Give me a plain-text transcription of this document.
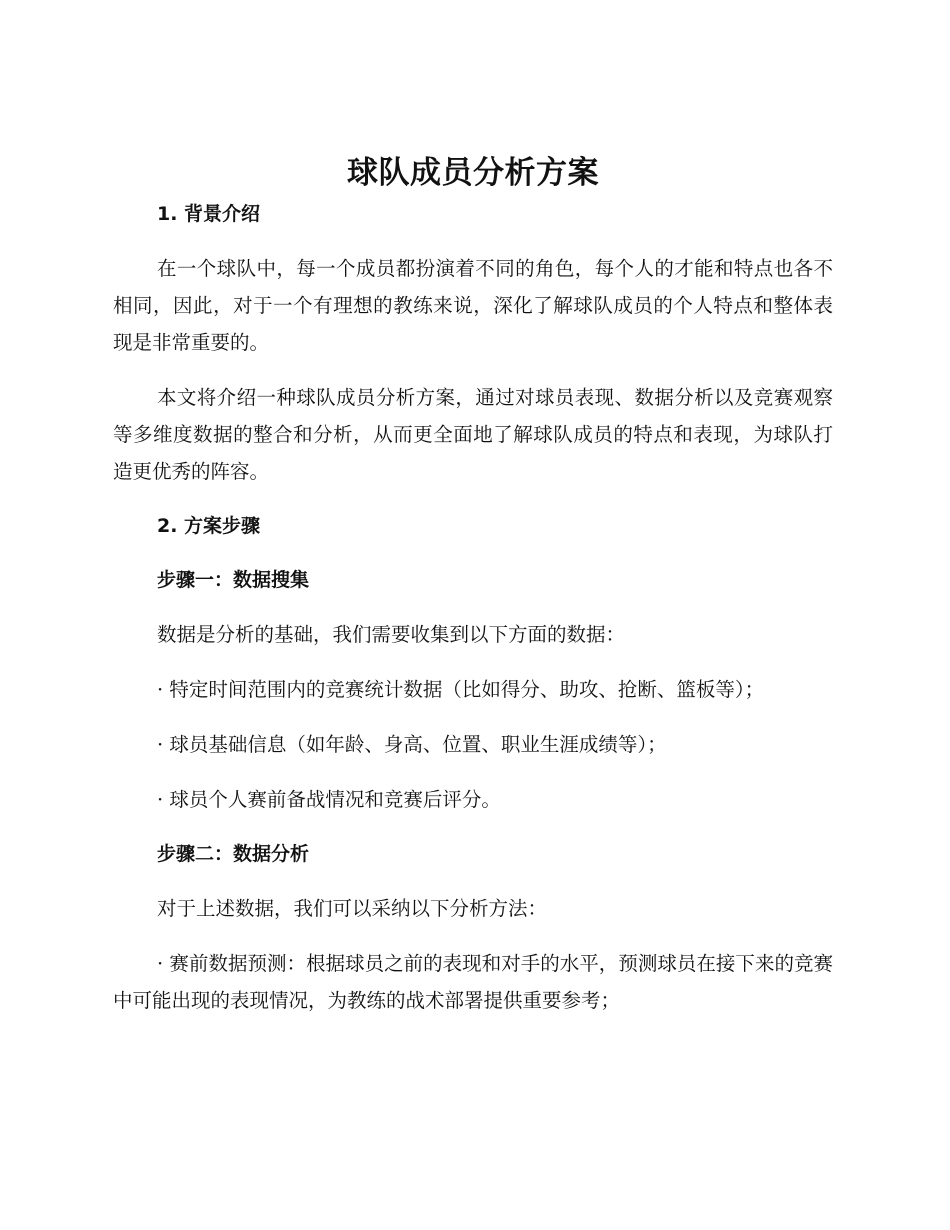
球队成员分析方案
1. 背景介绍

在一个球队中，每一个成员都扮演着不同的角色，每个人的才能和特点也各不相同，因此，对于一个有理想的教练来说，深化了解球队成员的个人特点和整体表现是非常重要的。

本文将介绍一种球队成员分析方案，通过对球员表现、数据分析以及竞赛观察等多维度数据的整合和分析，从而更全面地了解球队成员的特点和表现，为球队打造更优秀的阵容。

2. 方案步骤
步骤一：数据搜集

数据是分析的基础，我们需要收集到以下方面的数据：

· 特定时间范围内的竞赛统计数据（比如得分、助攻、抢断、篮板等）；

· 球员基础信息（如年龄、身高、位置、职业生涯成绩等）；

· 球员个人赛前备战情况和竞赛后评分。

步骤二：数据分析

对于上述数据，我们可以采纳以下分析方法：

· 赛前数据预测：根据球员之前的表现和对手的水平，预测球员在接下来的竞赛中可能出现的表现情况，为教练的战术部署提供重要参考；
